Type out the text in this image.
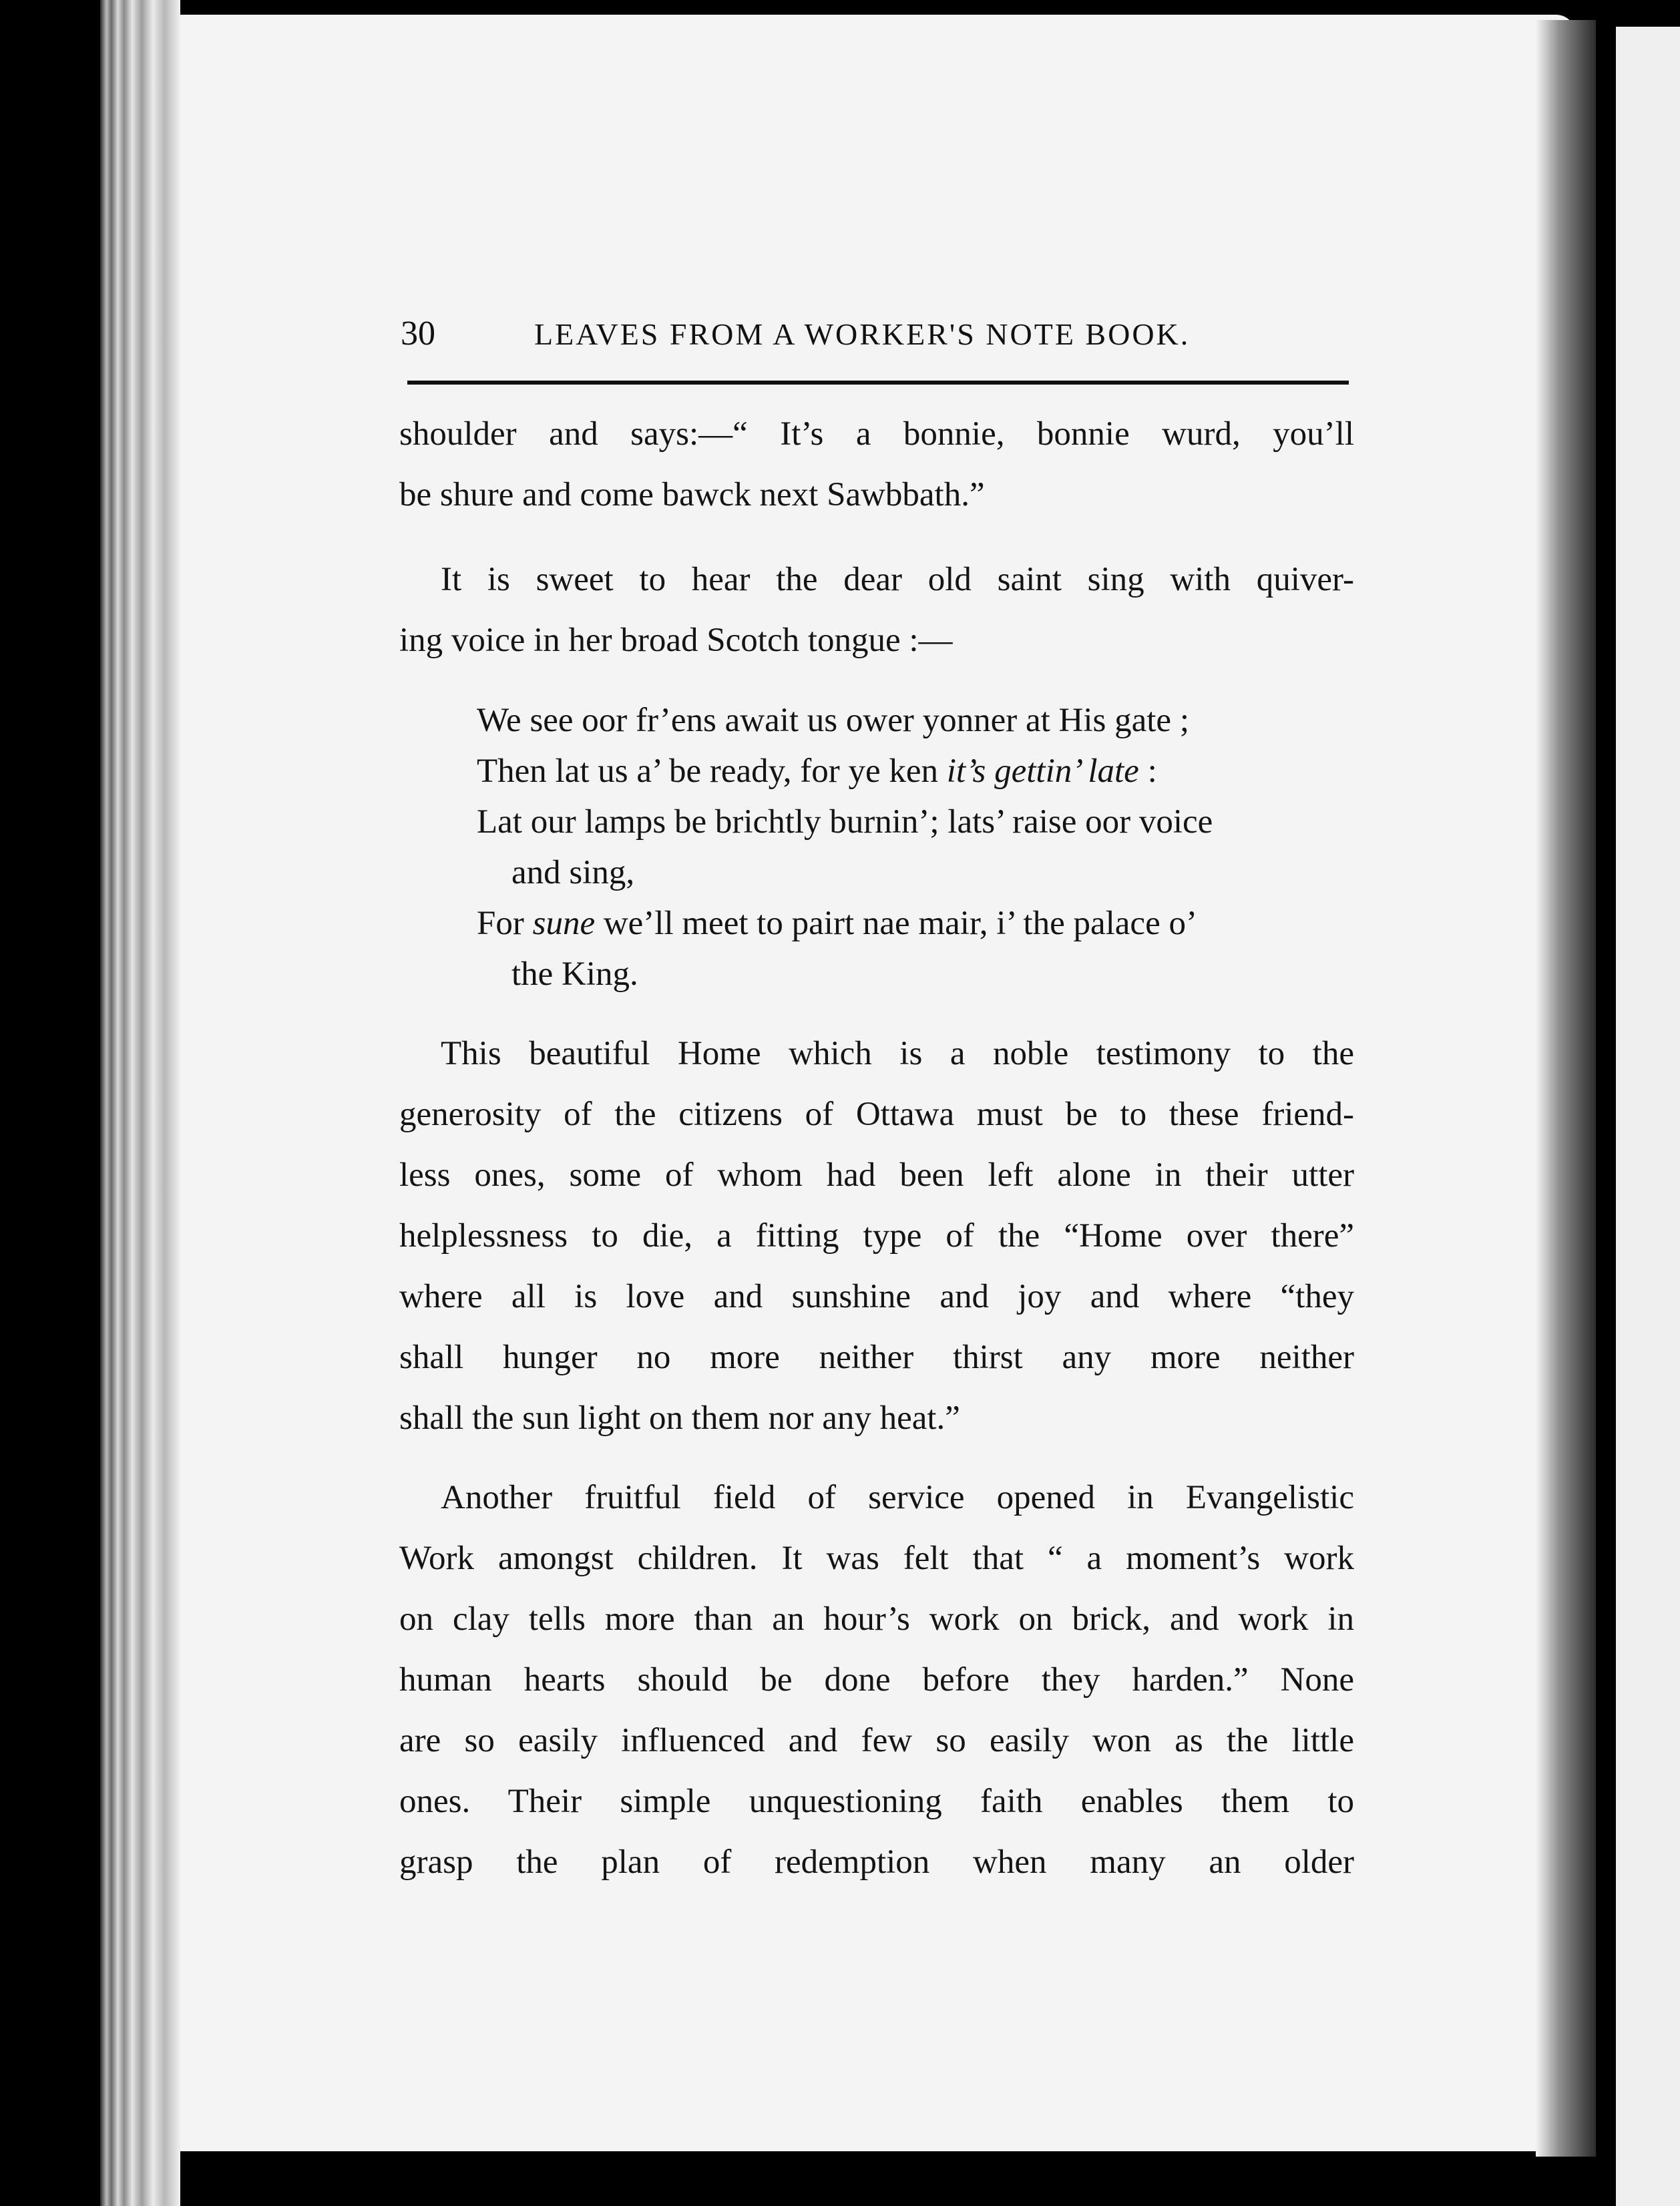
30	LEAVES FROM A WORKER'S NOTE BOOK.
shoulder and says:—“ It’s a bonnie, bonnie wurd, you’ll
be shure and come bawck next Sawbbath.”
It is sweet to hear the dear old saint sing with quiver-
ing voice in her broad Scotch tongue :—
We see oor fr’ens await us ower yonner at His gate ;
Then lat us a’ be ready, for ye ken it’s gettin’ late :
Lat our lamps be brichtly burnin’; lats’ raise oor voice
and sing,
For sune we’ll meet to pairt nae mair, i’ the palace o’
the King.
This beautiful Home which is a noble testimony to the
generosity of the citizens of Ottawa must be to these friend-
less ones, some of whom had been left alone in their utter
helplessness to die, a fitting type of the “Home over there”
where all is love and sunshine and joy and where “they
shall hunger no more neither thirst any more neither
shall the sun light on them nor any heat.”
Another fruitful field of service opened in Evangelistic
Work amongst children. It was felt that “ a moment’s work
on clay tells more than an hour’s work on brick, and work in
human hearts should be done before they harden.” None
are so easily influenced and few so easily won as the little
ones. Their simple unquestioning faith enables them to
grasp the plan of redemption when many an older
